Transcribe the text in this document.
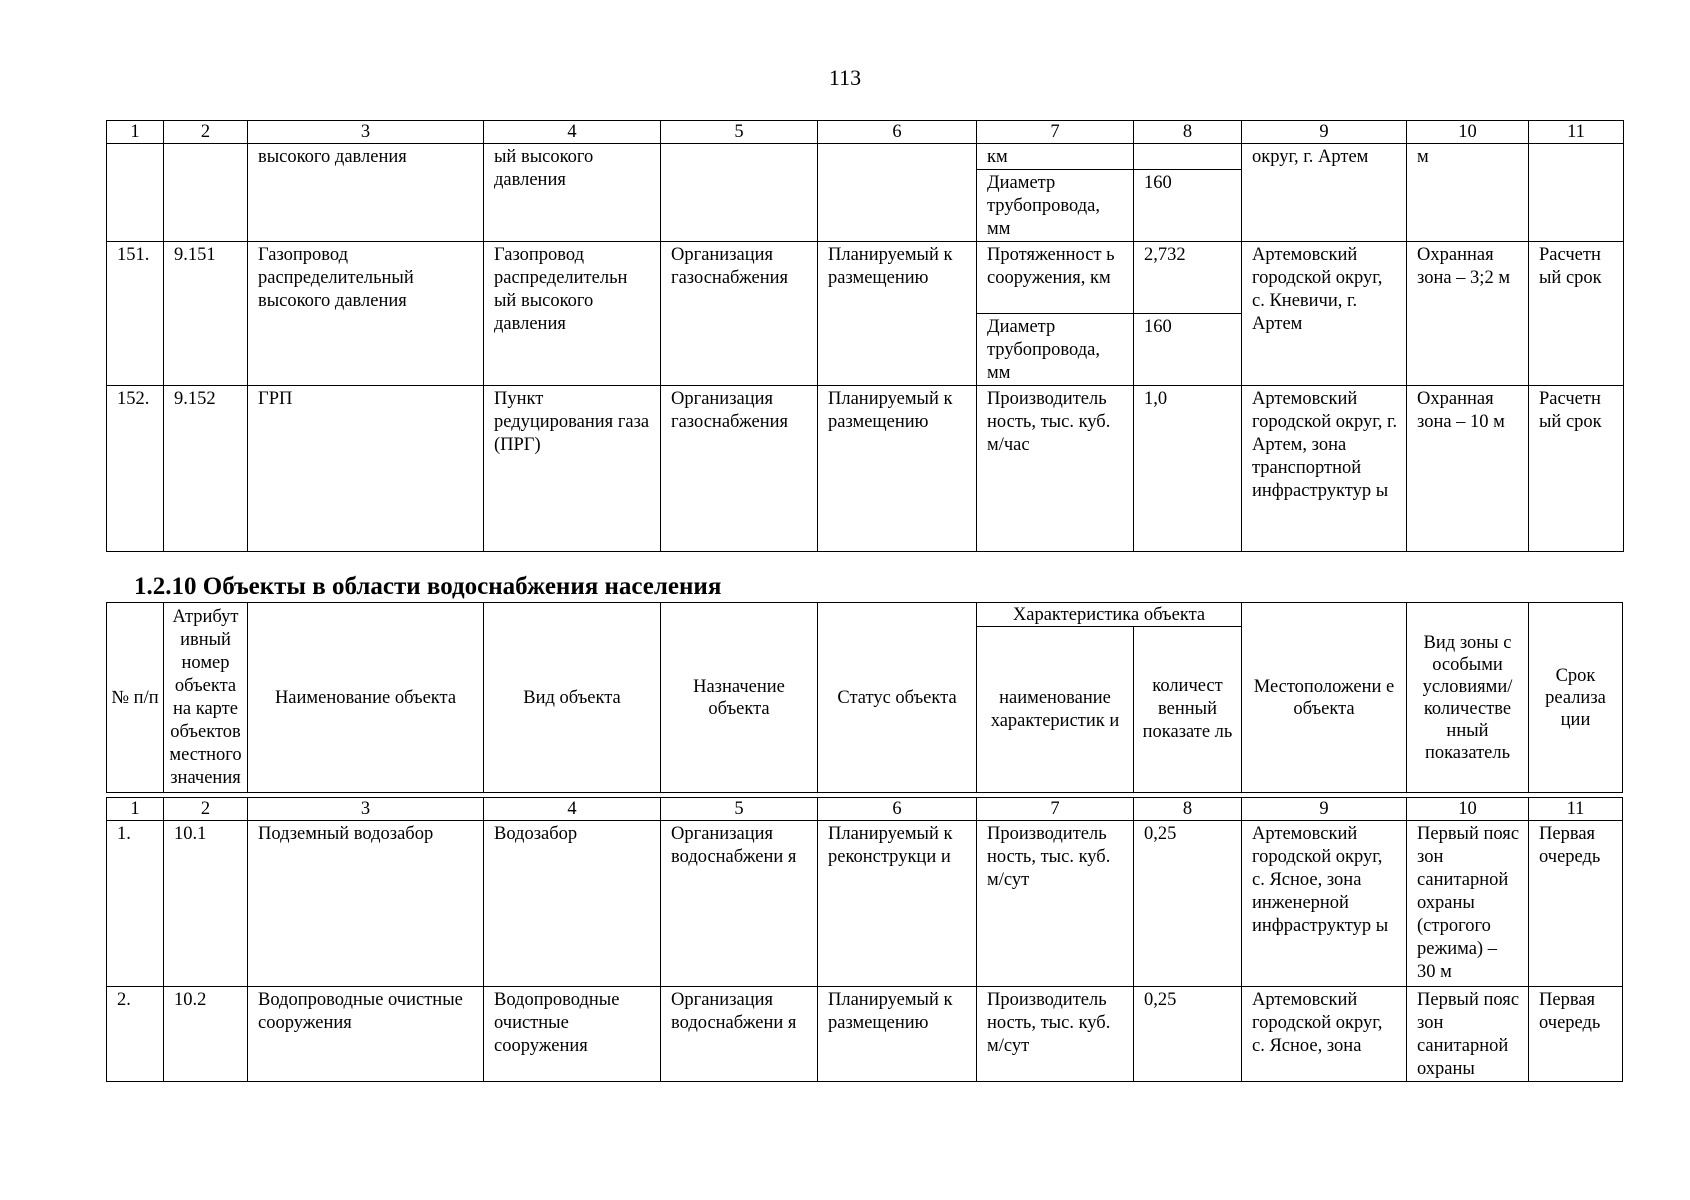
113
1	2	3	4	5	6	7	8	9	10	11
		высокого давления	ый высокого давления			км		округ, г. Артем	м	
						Диаметр трубопровода, мм	160			
151.	9.151	Газопровод распределительный высокого давления	Газопровод распределительн ый высокого давления	Организация газоснабжения	Планируемый к размещению	Протяженност ь сооружения, км	2,732	Артемовский городской округ, с. Кневичи, г. Артем	Охранная зона – 3;2 м	Расчетн ый срок
						Диаметр трубопровода, мм	160			
152.	9.152	ГРП	Пункт редуцирования газа (ПРГ)	Организация газоснабжения	Планируемый к размещению	Производитель ность, тыс. куб. м/час	1,0	Артемовский городской округ, г. Артем, зона транспортной инфраструктур ы	Охранная зона – 10 м	Расчетн ый срок
1.2.10 Объекты в области водоснабжения населения
№ п/п	Атрибут ивный номер объекта на карте объектов местного значения	Наименование объекта	Вид объекта	Назначение объекта	Статус объекта	Характеристика объекта		Местоположени е объекта	Вид зоны с особыми условиями/ количестве нный показатель	Срок реализа ции
						наименование характеристик и	количест венный показате ль			

1	2	3	4	5	6	7	8	9	10	11
1.	10.1	Подземный водозабор	Водозабор	Организация водоснабжени я	Планируемый к реконструкци и	Производитель ность, тыс. куб. м/сут	0,25	Артемовский городской округ, с. Ясное, зона инженерной инфраструктур ы	Первый пояс зон санитарной охраны (строгого режима) – 30 м	Первая очередь
2.	10.2	Водопроводные очистные сооружения	Водопроводные очистные сооружения	Организация водоснабжени я	Планируемый к размещению	Производитель ность, тыс. куб. м/сут	0,25	Артемовский городской округ, с. Ясное, зона	Первый пояс зон санитарной охраны	Первая очередь
